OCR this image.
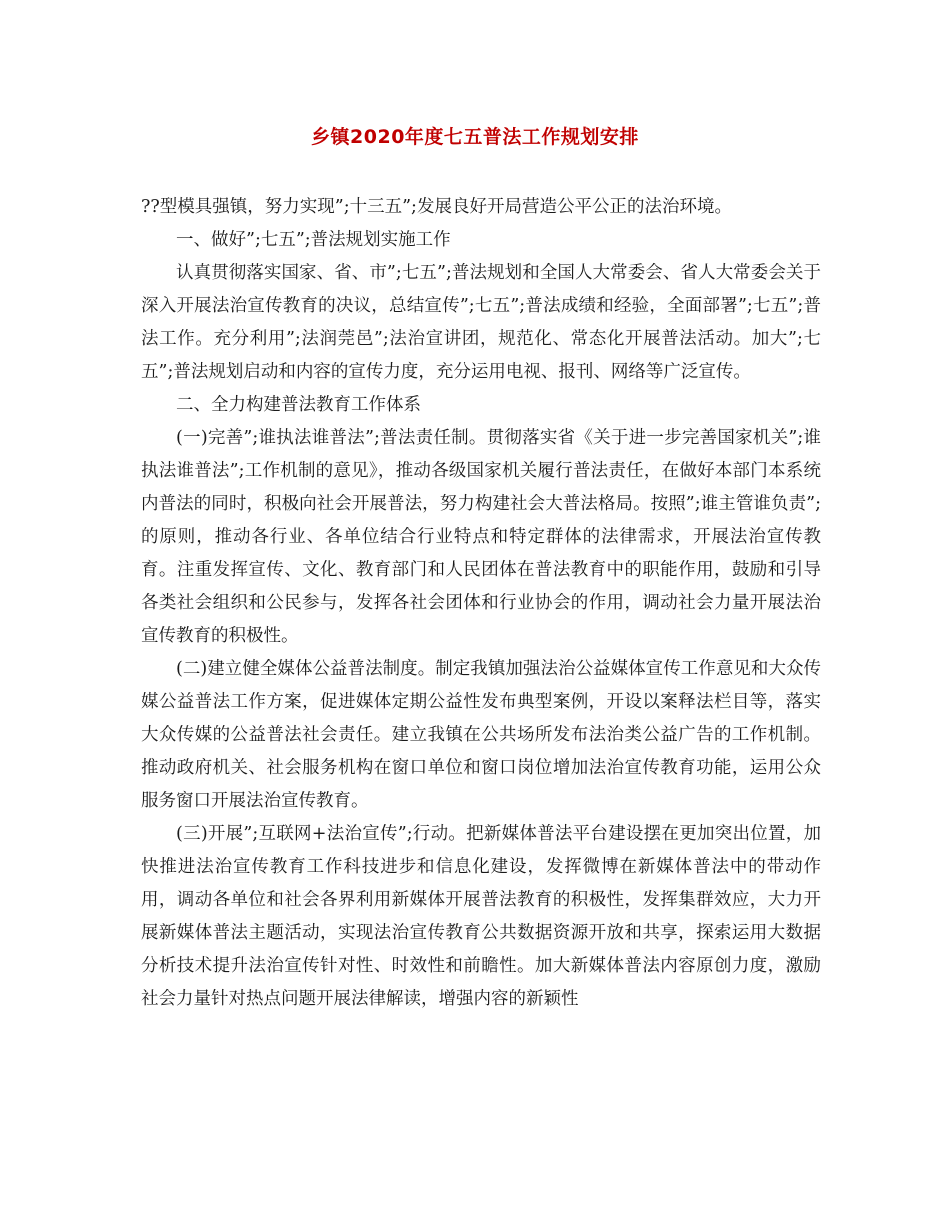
乡镇2020年度七五普法工作规划安排

??型模具强镇，努力实现”;十三五”;发展良好开局营造公平公正的法治环境。

一、做好”;七五”;普法规划实施工作

认真贯彻落实国家、省、市”;七五”;普法规划和全国人大常委会、省人大常委会关于深入开展法治宣传教育的决议，总结宣传”;七五”;普法成绩和经验，全面部署”;七五”;普法工作。充分利用”;法润莞邑”;法治宣讲团，规范化、常态化开展普法活动。加大”;七五”;普法规划启动和内容的宣传力度，充分运用电视、报刊、网络等广泛宣传。

二、全力构建普法教育工作体系

(一)完善”;谁执法谁普法”;普法责任制。贯彻落实省《关于进一步完善国家机关”;谁执法谁普法”;工作机制的意见》，推动各级国家机关履行普法责任，在做好本部门本系统内普法的同时，积极向社会开展普法，努力构建社会大普法格局。按照”;谁主管谁负责”;的原则，推动各行业、各单位结合行业特点和特定群体的法律需求，开展法治宣传教育。注重发挥宣传、文化、教育部门和人民团体在普法教育中的职能作用，鼓励和引导各类社会组织和公民参与，发挥各社会团体和行业协会的作用，调动社会力量开展法治宣传教育的积极性。

(二)建立健全媒体公益普法制度。制定我镇加强法治公益媒体宣传工作意见和大众传媒公益普法工作方案，促进媒体定期公益性发布典型案例，开设以案释法栏目等，落实大众传媒的公益普法社会责任。建立我镇在公共场所发布法治类公益广告的工作机制。推动政府机关、社会服务机构在窗口单位和窗口岗位增加法治宣传教育功能，运用公众服务窗口开展法治宣传教育。

(三)开展”;互联网+法治宣传”;行动。把新媒体普法平台建设摆在更加突出位置，加快推进法治宣传教育工作科技进步和信息化建设，发挥微博在新媒体普法中的带动作用，调动各单位和社会各界利用新媒体开展普法教育的积极性，发挥集群效应，大力开展新媒体普法主题活动，实现法治宣传教育公共数据资源开放和共享，探索运用大数据分析技术提升法治宣传针对性、时效性和前瞻性。加大新媒体普法内容原创力度，激励社会力量针对热点问题开展法律解读，增强内容的新颖性
